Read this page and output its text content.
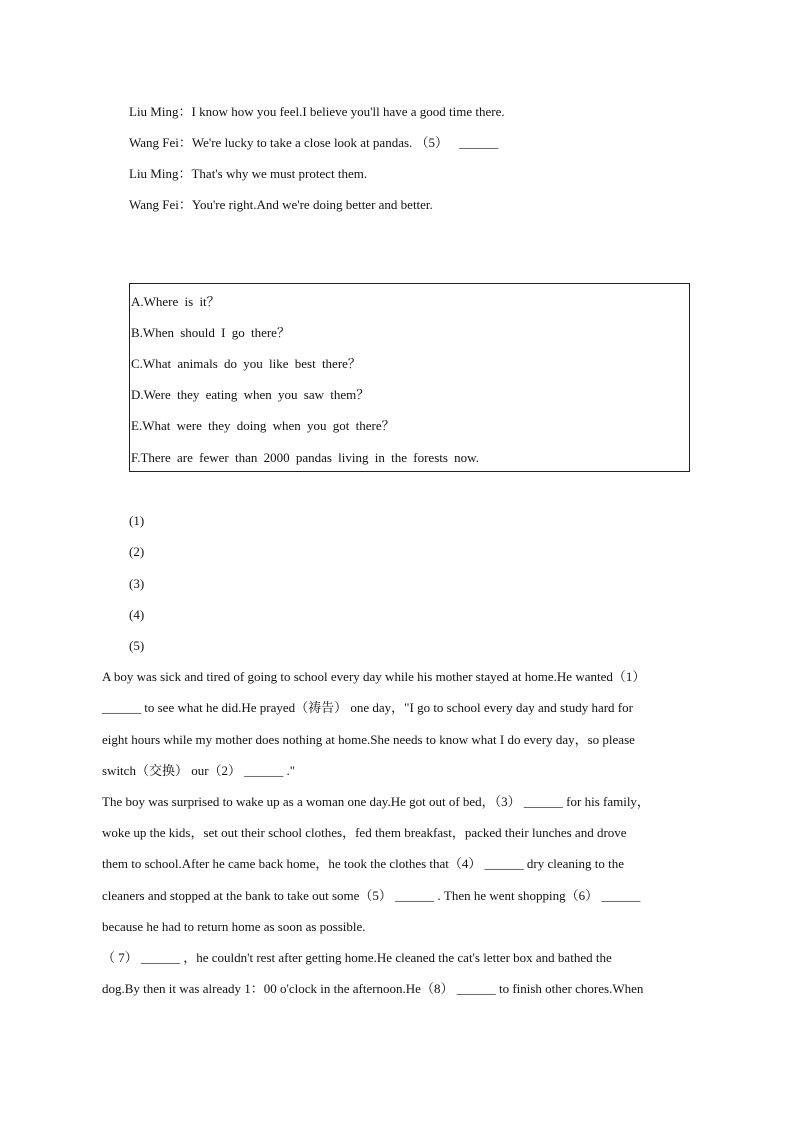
Liu Ming：I know how you feel.I believe you'll have a good time there.
Wang Fei：We're lucky to take a close look at pandas. （5） ______
Liu Ming：That's why we must protect them.
Wang Fei：You're right.And we're doing better and better.
A.Where is it？
B.When should I go there？
C.What animals do you like best there？
D.Were they eating when you saw them？
E.What were they doing when you got there？
F.There are fewer than 2000 pandas living in the forests now.
(1)
(2)
(3)
(4)
(5)
A boy was sick and tired of going to school every day while his mother stayed at home.He wanted（1）
______ to see what he did.He prayed（祷告） one day，"I go to school every day and study hard for
eight hours while my mother does nothing at home.She needs to know what I do every day，so please
switch（交换） our（2） ______ ."
The boy was surprised to wake up as a woman one day.He got out of bed，（3） ______ for his family，
woke up the kids，set out their school clothes，fed them breakfast，packed their lunches and drove
them to school.After he came back home，he took the clothes that（4） ______ dry cleaning to the
cleaners and stopped at the bank to take out some（5） ______ . Then he went shopping（6） ______
because he had to return home as soon as possible.
（ 7） ______ ，he couldn't rest after getting home.He cleaned the cat's letter box and bathed the
dog.By then it was already 1：00 o'clock in the afternoon.He（8） ______ to finish other chores.When
